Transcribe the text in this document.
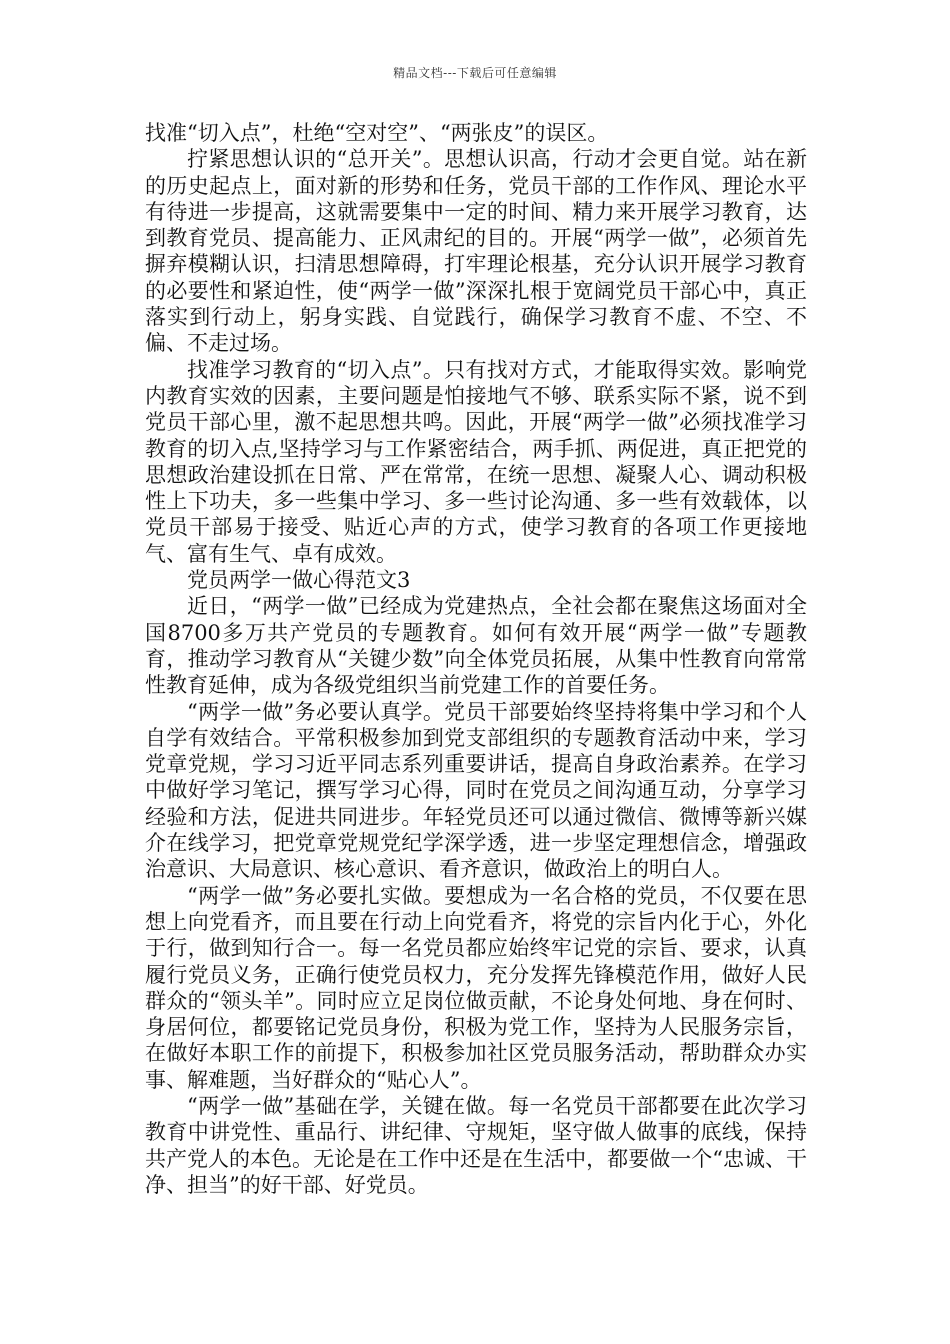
精品文档---下载后可任意编辑

找准“切入点”，杜绝“空对空”、“两张皮”的误区。

拧紧思想认识的“总开关”。思想认识高，行动才会更自觉。站在新的历史起点上，面对新的形势和任务，党员干部的工作作风、理论水平有待进一步提高，这就需要集中一定的时间、精力来开展学习教育，达到教育党员、提高能力、正风肃纪的目的。开展“两学一做”，必须首先摒弃模糊认识，扫清思想障碍，打牢理论根基，充分认识开展学习教育的必要性和紧迫性，使“两学一做”深深扎根于宽阔党员干部心中，真正落实到行动上，躬身实践、自觉践行，确保学习教育不虚、不空、不偏、不走过场。

找准学习教育的“切入点”。只有找对方式，才能取得实效。影响党内教育实效的因素，主要问题是怕接地气不够、联系实际不紧，说不到党员干部心里，激不起思想共鸣。因此，开展“两学一做”必须找准学习教育的切入点,坚持学习与工作紧密结合，两手抓、两促进，真正把党的思想政治建设抓在日常、严在常常，在统一思想、凝聚人心、调动积极性上下功夫，多一些集中学习、多一些讨论沟通、多一些有效载体，以党员干部易于接受、贴近心声的方式，使学习教育的各项工作更接地气、富有生气、卓有成效。

党员两学一做心得范文3

近日，“两学一做”已经成为党建热点，全社会都在聚焦这场面对全国8700多万共产党员的专题教育。如何有效开展“两学一做”专题教育，推动学习教育从“关键少数”向全体党员拓展，从集中性教育向常常性教育延伸，成为各级党组织当前党建工作的首要任务。

“两学一做”务必要认真学。党员干部要始终坚持将集中学习和个人自学有效结合。平常积极参加到党支部组织的专题教育活动中来，学习党章党规，学习习近平同志系列重要讲话，提高自身政治素养。在学习中做好学习笔记，撰写学习心得，同时在党员之间沟通互动，分享学习经验和方法，促进共同进步。年轻党员还可以通过微信、微博等新兴媒介在线学习，把党章党规党纪学深学透，进一步坚定理想信念，增强政治意识、大局意识、核心意识、看齐意识，做政治上的明白人。

“两学一做”务必要扎实做。要想成为一名合格的党员，不仅要在思想上向党看齐，而且要在行动上向党看齐，将党的宗旨内化于心，外化于行，做到知行合一。每一名党员都应始终牢记党的宗旨、要求，认真履行党员义务，正确行使党员权力，充分发挥先锋模范作用，做好人民群众的“领头羊”。同时应立足岗位做贡献，不论身处何地、身在何时、身居何位，都要铭记党员身份，积极为党工作，坚持为人民服务宗旨，在做好本职工作的前提下，积极参加社区党员服务活动，帮助群众办实事、解难题，当好群众的“贴心人”。

“两学一做”基础在学，关键在做。每一名党员干部都要在此次学习教育中讲党性、重品行、讲纪律、守规矩，坚守做人做事的底线，保持共产党人的本色。无论是在工作中还是在生活中，都要做一个“忠诚、干净、担当”的好干部、好党员。
